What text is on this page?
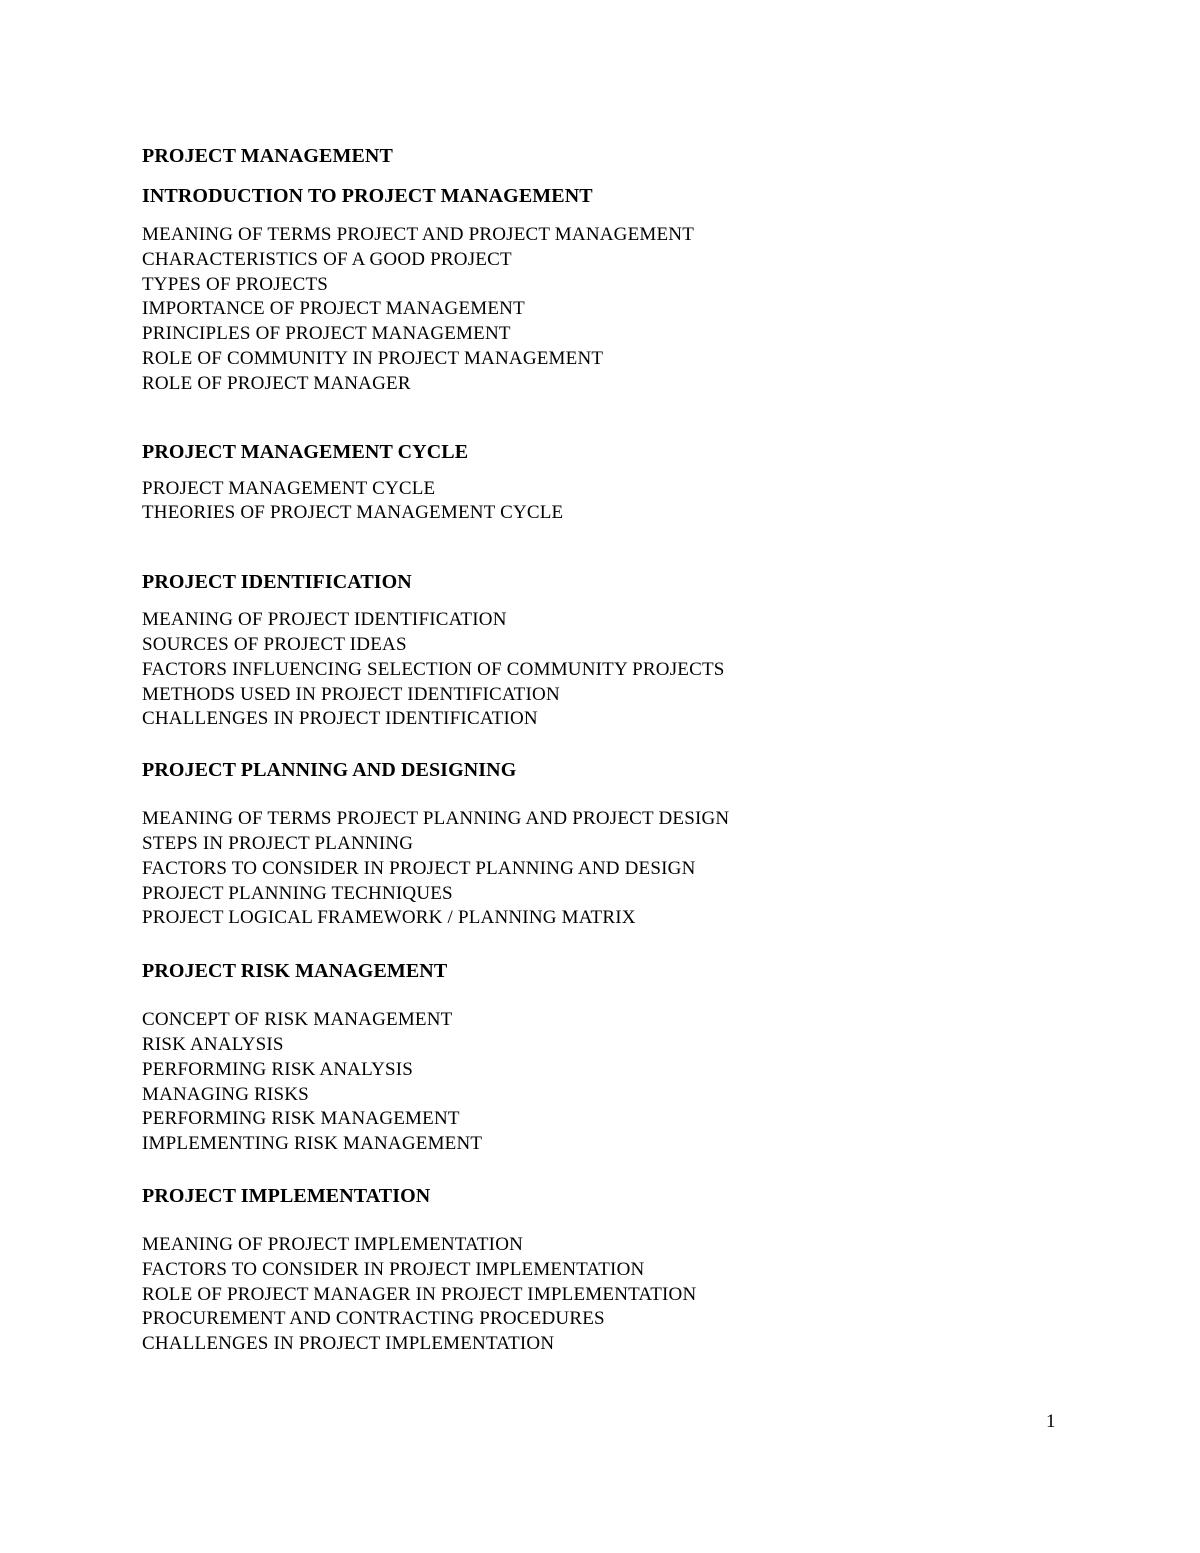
PROJECT MANAGEMENT
INTRODUCTION TO PROJECT MANAGEMENT
MEANING OF TERMS PROJECT AND PROJECT MANAGEMENT
CHARACTERISTICS OF A GOOD PROJECT
TYPES OF PROJECTS
IMPORTANCE OF PROJECT MANAGEMENT
PRINCIPLES OF PROJECT MANAGEMENT
ROLE OF COMMUNITY IN PROJECT MANAGEMENT
ROLE OF PROJECT MANAGER
PROJECT MANAGEMENT CYCLE
PROJECT MANAGEMENT CYCLE
THEORIES OF PROJECT MANAGEMENT CYCLE
PROJECT IDENTIFICATION
MEANING OF PROJECT IDENTIFICATION
SOURCES OF PROJECT IDEAS
FACTORS INFLUENCING SELECTION OF COMMUNITY PROJECTS
METHODS USED IN PROJECT IDENTIFICATION
CHALLENGES IN PROJECT IDENTIFICATION
PROJECT PLANNING AND DESIGNING
MEANING OF TERMS PROJECT PLANNING AND PROJECT DESIGN
STEPS IN PROJECT PLANNING
FACTORS TO CONSIDER IN PROJECT PLANNING AND DESIGN
PROJECT PLANNING TECHNIQUES
PROJECT LOGICAL FRAMEWORK / PLANNING MATRIX
PROJECT RISK MANAGEMENT
CONCEPT OF RISK MANAGEMENT
RISK ANALYSIS
PERFORMING RISK ANALYSIS
MANAGING RISKS
PERFORMING RISK MANAGEMENT
IMPLEMENTING RISK MANAGEMENT
PROJECT IMPLEMENTATION
MEANING OF PROJECT IMPLEMENTATION
FACTORS TO CONSIDER IN PROJECT IMPLEMENTATION
ROLE OF PROJECT MANAGER IN PROJECT IMPLEMENTATION
PROCUREMENT AND CONTRACTING PROCEDURES
CHALLENGES IN PROJECT IMPLEMENTATION
1
